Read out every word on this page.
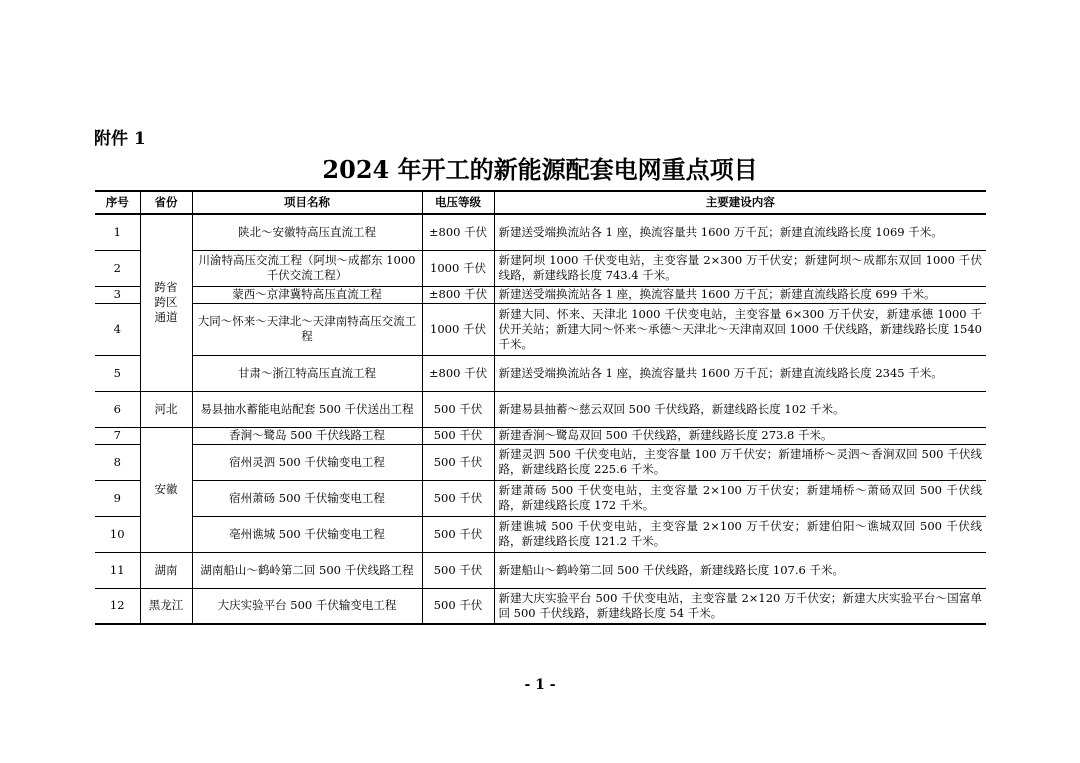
附件 1
2024 年开工的新能源配套电网重点项目
序号	省份	项目名称	电压等级	主要建设内容
1	跨省
跨区
通道	陕北～安徽特高压直流工程	±800 千伏	新建送受端换流站各 1 座，换流容量共 1600 万千瓦；新建直流线路长度 1069 千米。
2		川渝特高压交流工程（阿坝～成都东 1000 千伏交流工程）	1000 千伏	新建阿坝 1000 千伏变电站，主变容量 2×300 万千伏安；新建阿坝～成都东双回 1000 千伏线路，新建线路长度 743.4 千米。
3		蒙西～京津冀特高压直流工程	±800 千伏	新建送受端换流站各 1 座，换流容量共 1600 万千瓦；新建直流线路长度 699 千米。
4		大同～怀来～天津北～天津南特高压交流工程	1000 千伏	新建大同、怀来、天津北 1000 千伏变电站，主变容量 6×300 万千伏安，新建承德 1000 千伏开关站；新建大同～怀来～承德～天津北～天津南双回 1000 千伏线路，新建线路长度 1540 千米。
5		甘肃～浙江特高压直流工程	±800 千伏	新建送受端换流站各 1 座，换流容量共 1600 万千瓦；新建直流线路长度 2345 千米。
6	河北	易县抽水蓄能电站配套 500 千伏送出工程	500 千伏	新建易县抽蓄～慈云双回 500 千伏线路，新建线路长度 102 千米。
7	安徽	香涧～鹭岛 500 千伏线路工程	500 千伏	新建香涧～鹭岛双回 500 千伏线路，新建线路长度 273.8 千米。
8		宿州灵泗 500 千伏输变电工程	500 千伏	新建灵泗 500 千伏变电站，主变容量 100 万千伏安；新建埇桥～灵泗～香涧双回 500 千伏线路，新建线路长度 225.6 千米。
9		宿州萧砀 500 千伏输变电工程	500 千伏	新建萧砀 500 千伏变电站，主变容量 2×100 万千伏安；新建埇桥～萧砀双回 500 千伏线路，新建线路长度 172 千米。
10		亳州谯城 500 千伏输变电工程	500 千伏	新建谯城 500 千伏变电站，主变容量 2×100 万千伏安；新建伯阳～谯城双回 500 千伏线路，新建线路长度 121.2 千米。
11	湖南	湖南船山～鹤岭第二回 500 千伏线路工程	500 千伏	新建船山～鹤岭第二回 500 千伏线路，新建线路长度 107.6 千米。
12	黑龙江	大庆实验平台 500 千伏输变电工程	500 千伏	新建大庆实验平台 500 千伏变电站，主变容量 2×120 万千伏安；新建大庆实验平台～国富单回 500 千伏线路，新建线路长度 54 千米。
- 1 -
